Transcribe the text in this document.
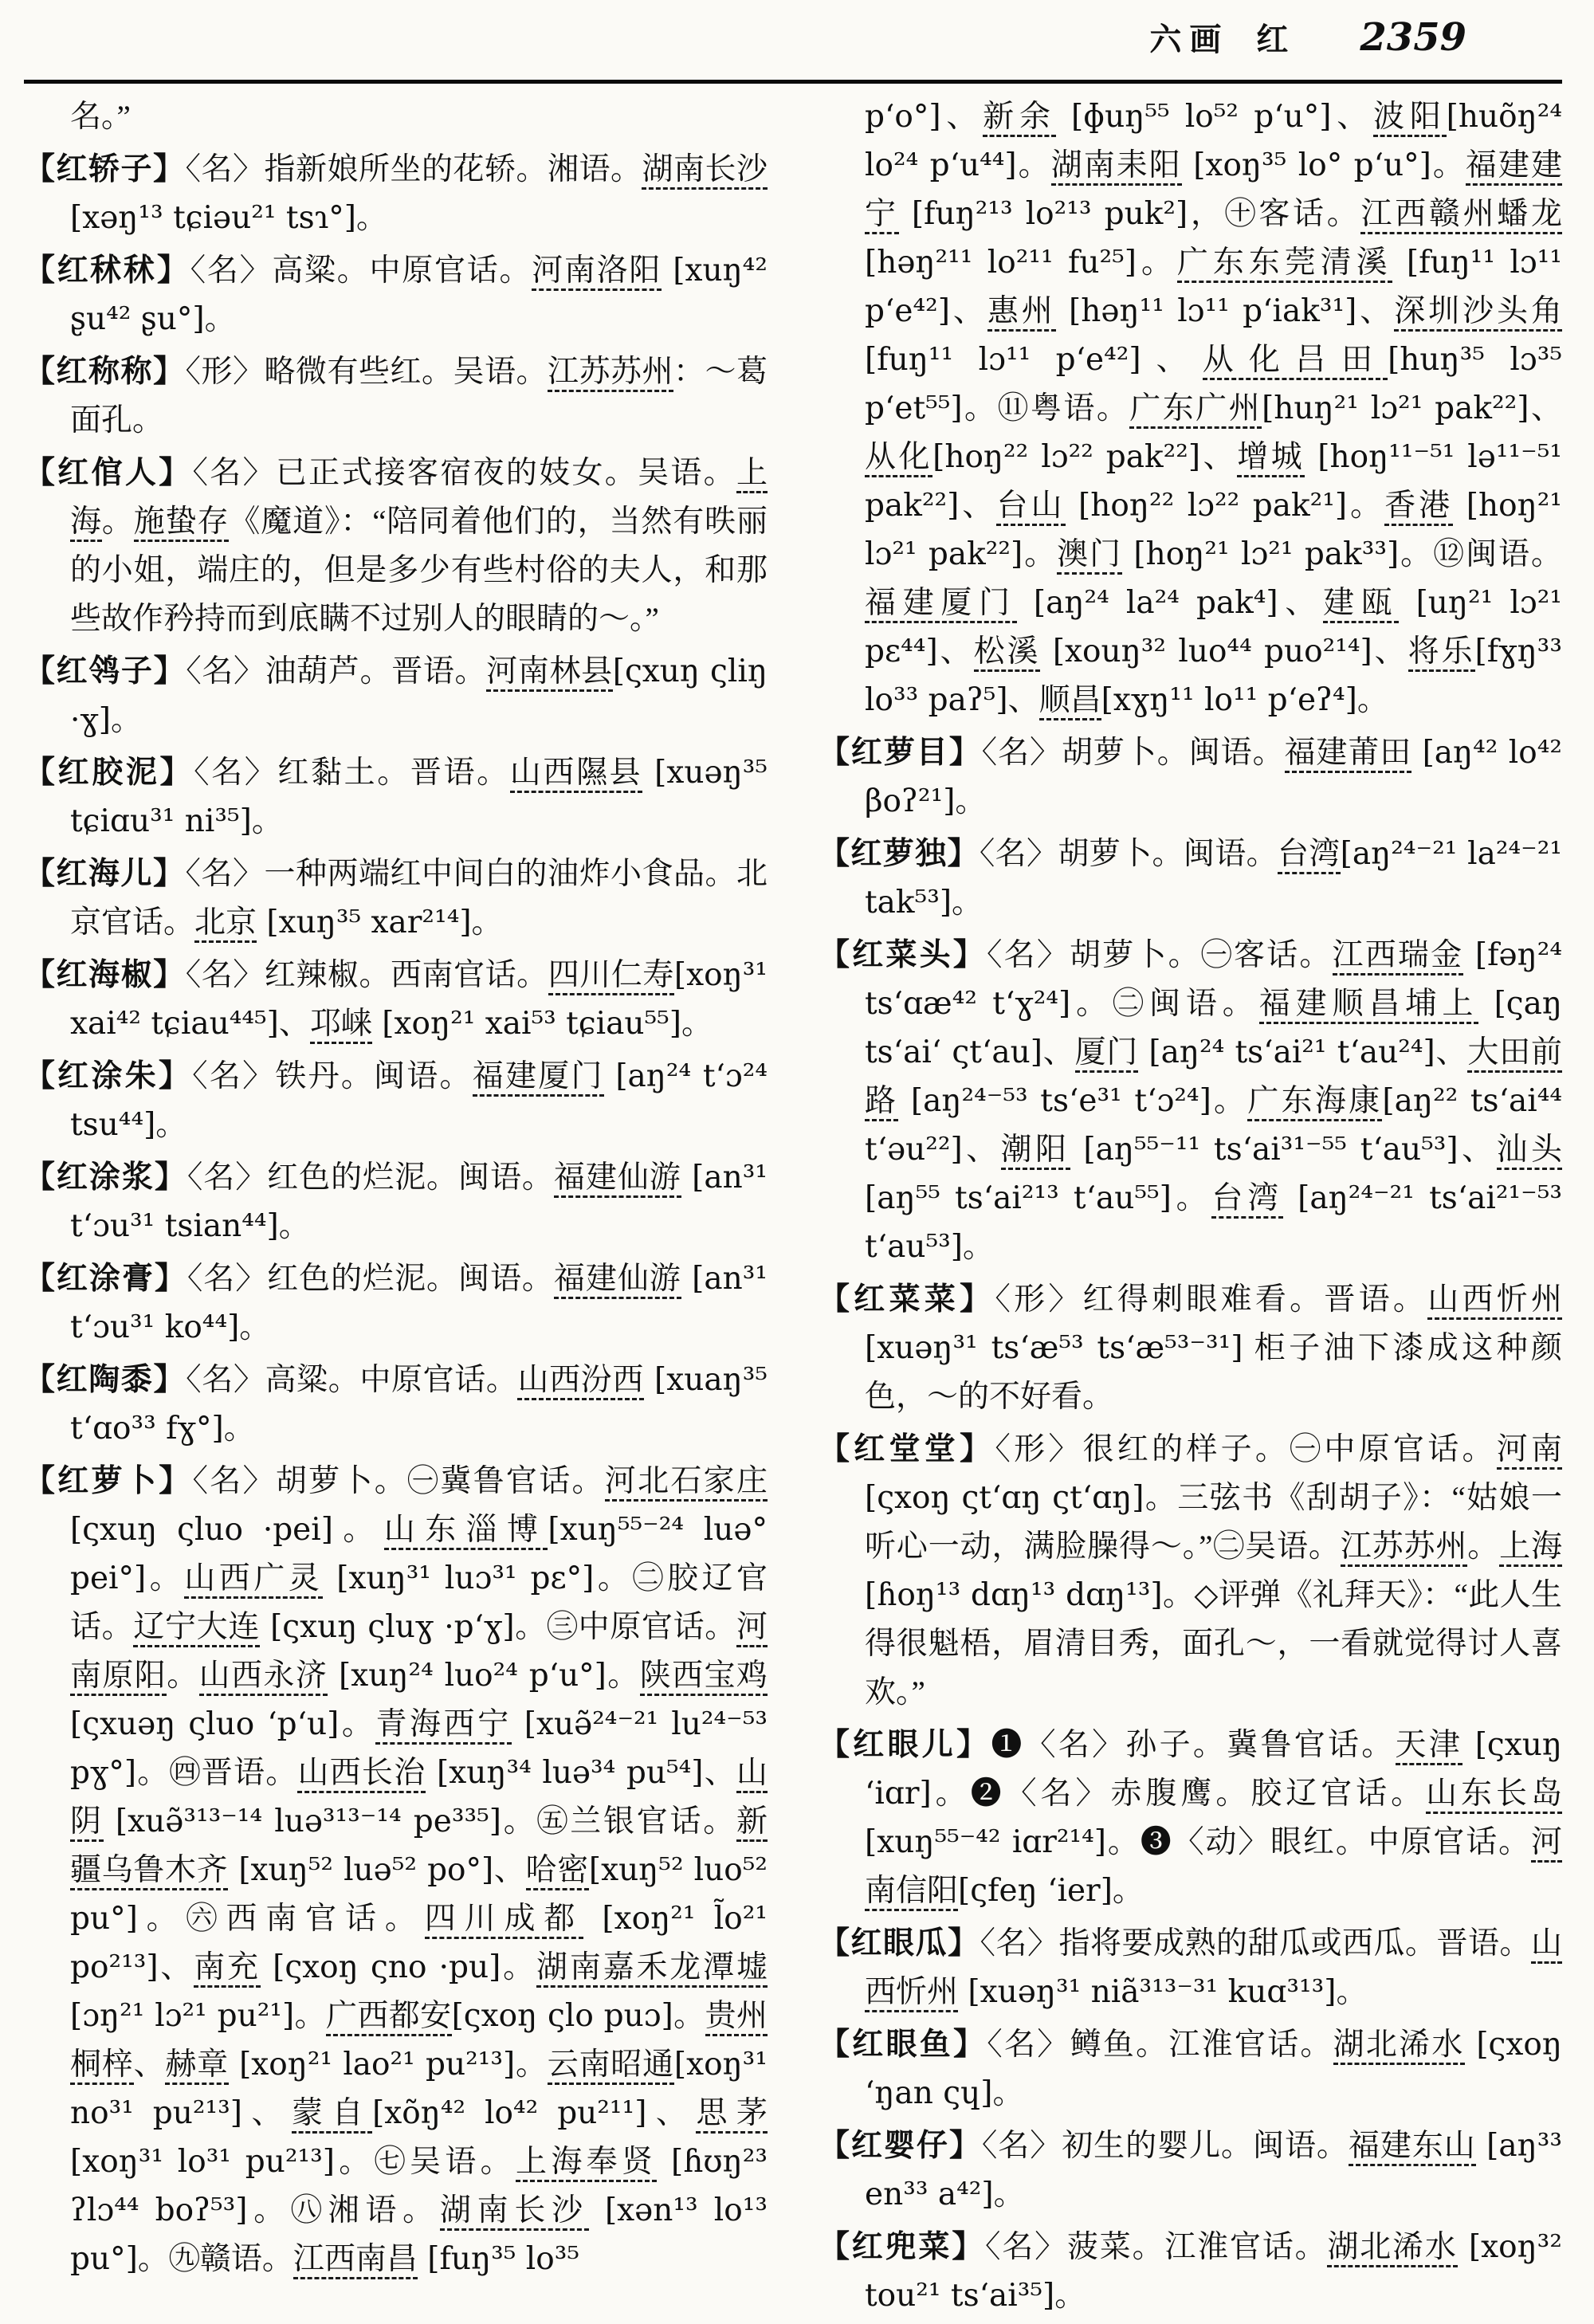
六画 红 2359

名。”

【红轿子】〈名〉指新娘所坐的花轿。湘语。湖南长沙 [xəŋ¹³ tɕiəu²¹ tsɿ°]。

【红秫秫】〈名〉高粱。中原官话。河南洛阳 [xuŋ⁴² ʂu⁴² ʂu°]。

【红称称】〈形〉略微有些红。吴语。江苏苏州：～葛面孔。

【红倌人】〈名〉已正式接客宿夜的妓女。吴语。上海。施蛰存《魔道》：“陪同着他们的，当然有昳丽的小姐，端庄的，但是多少有些村俗的夫人，和那些故作矜持而到底瞒不过别人的眼睛的～。”

【红鸰子】〈名〉油葫芦。晋语。河南林县[ςxuŋ ςliŋ ·ɣ]。

【红胶泥】〈名〉红黏土。晋语。山西隰县 [xuəŋ³⁵ tɕiɑu³¹ ni³⁵]。

【红海儿】〈名〉一种两端红中间白的油炸小食品。北京官话。北京 [xuŋ³⁵ xar²¹⁴]。

【红海椒】〈名〉红辣椒。西南官话。四川仁寿[xoŋ³¹ xai⁴² tɕiau⁴⁴⁵]、邛崃 [xoŋ²¹ xai⁵³ tɕiau⁵⁵]。

【红涂朱】〈名〉铁丹。闽语。福建厦门 [aŋ²⁴ t‘ɔ²⁴ tsu⁴⁴]。

【红涂浆】〈名〉红色的烂泥。闽语。福建仙游 [an³¹ t‘ɔu³¹ tsian⁴⁴]。

【红涂膏】〈名〉红色的烂泥。闽语。福建仙游 [an³¹ t‘ɔu³¹ ko⁴⁴]。

【红陶黍】〈名〉高粱。中原官话。山西汾西 [xuaŋ³⁵ t‘ɑo³³ fɣ°]。

【红萝卜】〈名〉胡萝卜。㊀冀鲁官话。河北石家庄[ςxuŋ ςluo ·pei]。山东淄博[xuŋ⁵⁵⁻²⁴ luə° pei°]。山西广灵 [xuŋ³¹ luɔ³¹ pɛ°]。㊁胶辽官话。辽宁大连 [ςxuŋ ςluɣ ·p‘ɣ]。㊂中原官话。河南原阳。山西永济 [xuŋ²⁴ luo²⁴ p‘u°]。陕西宝鸡[ςxuəŋ ςluo ʻp‘u]。青海西宁 [xuə̃²⁴⁻²¹ lu²⁴⁻⁵³ pɣ°]。㊃晋语。山西长治 [xuŋ³⁴ luə³⁴ pu⁵⁴]、山阴 [xuə̃³¹³⁻¹⁴ luə³¹³⁻¹⁴ pe³³⁵]。㊄兰银官话。新疆乌鲁木齐 [xuŋ⁵² luə⁵² po°]、哈密[xuŋ⁵² luo⁵² pu°]。㊅西南官话。四川成都 [xoŋ²¹ l̃o²¹ po²¹³]、南充 [ςxoŋ ςno ·pu]。湖南嘉禾龙潭墟[ɔŋ²¹ lɔ²¹ pu²¹]。广西都安[ςxoŋ ςlo puɔ]。贵州桐梓、赫章 [xoŋ²¹ lao²¹ pu²¹³]。云南昭通[xoŋ³¹ no³¹ pu²¹³]、蒙自[xõŋ⁴² lo⁴² pu²¹¹]、思茅 [xoŋ³¹ lo³¹ pu²¹³]。㊆吴语。上海奉贤 [ɦʊŋ²³ ʔlɔ⁴⁴ boʔ⁵³]。㊇湘语。湖南长沙 [xən¹³ lo¹³ pu°]。㊈赣语。江西南昌 [fuŋ³⁵ lo³⁵

p‘o°]、新余 [ɸuŋ⁵⁵ lo⁵² p‘u°]、波阳[huõŋ²⁴ lo²⁴ p‘u⁴⁴]。湖南耒阳 [xoŋ³⁵ lo° p‘u°]。福建建宁 [fuŋ²¹³ lo²¹³ puk²]，㊉客话。江西赣州蟠龙 [həŋ²¹¹ lo²¹¹ fu²⁵]。广东东莞清溪 [fuŋ¹¹ lɔ¹¹ p‘e⁴²]、惠州 [həŋ¹¹ lɔ¹¹ p‘iak³¹]、深圳沙头角[fuŋ¹¹ lɔ¹¹ p‘e⁴²]、从化吕田[huŋ³⁵ lɔ³⁵ p‘et⁵⁵]。⑪粤语。广东广州[huŋ²¹ lɔ²¹ pak²²]、从化[hoŋ²² lɔ²² pak²²]、增城 [hoŋ¹¹⁻⁵¹ lə¹¹⁻⁵¹ pak²²]、台山 [hoŋ²² lɔ²² pak²¹]。香港 [hoŋ²¹ lɔ²¹ pak²²]。澳门 [hoŋ²¹ lɔ²¹ pak³³]。⑫闽语。福建厦门 [aŋ²⁴ la²⁴ pak⁴]、建瓯 [uŋ²¹ lɔ²¹ pɛ⁴⁴]、松溪 [xouŋ³² luo⁴⁴ puo²¹⁴]、将乐[fɣŋ³³ lo³³ paʔ⁵]、顺昌[xɣŋ¹¹ lo¹¹ p‘eʔ⁴]。

【红萝目】〈名〉胡萝卜。闽语。福建莆田 [aŋ⁴² lo⁴² βoʔ²¹]。

【红萝独】〈名〉胡萝卜。闽语。台湾[aŋ²⁴⁻²¹ la²⁴⁻²¹ tak⁵³]。

【红菜头】〈名〉胡萝卜。㊀客话。江西瑞金 [fəŋ²⁴ ts‘ɑæ⁴² t‘ɣ²⁴]。㊁闽语。福建顺昌埔上 [ςaŋ ts‘ai‘ ςt‘au]、厦门 [aŋ²⁴ ts‘ai²¹ t‘au²⁴]、大田前路 [aŋ²⁴⁻⁵³ ts‘e³¹ t‘ɔ²⁴]。广东海康[aŋ²² ts‘ai⁴⁴ t‘əu²²]、潮阳 [aŋ⁵⁵⁻¹¹ ts‘ai³¹⁻⁵⁵ t‘au⁵³]、汕头[aŋ⁵⁵ ts‘ai²¹³ t‘au⁵⁵]。台湾 [aŋ²⁴⁻²¹ ts‘ai²¹⁻⁵³ t‘au⁵³]。

【红菜菜】〈形〉红得刺眼难看。晋语。山西忻州 [xuəŋ³¹ ts‘æ⁵³ ts‘æ⁵³⁻³¹] 柜子油下漆成这种颜色，～的不好看。

【红堂堂】〈形〉很红的样子。㊀中原官话。河南[ςxoŋ ςt‘ɑŋ ςt‘ɑŋ]。三弦书《刮胡子》：“姑娘一听心一动，满脸臊得～。”㊁吴语。江苏苏州。上海[ɦoŋ¹³ dɑŋ¹³ dɑŋ¹³]。◇评弹《礼拜天》：“此人生得很魁梧，眉清目秀，面孔～，一看就觉得讨人喜欢。”

【红眼儿】❶〈名〉孙子。冀鲁官话。天津 [ςxuŋ ʻiɑr]。❷〈名〉赤腹鹰。胶辽官话。山东长岛 [xuŋ⁵⁵⁻⁴² iɑr²¹⁴]。❸〈动〉眼红。中原官话。河南信阳[ςfeŋ ʻier]。

【红眼瓜】〈名〉指将要成熟的甜瓜或西瓜。晋语。山西忻州 [xuəŋ³¹ niã³¹³⁻³¹ kuɑ³¹³]。

【红眼鱼】〈名〉鳟鱼。江淮官话。湖北浠水 [ςxoŋ ʻŋan ςɥ]。

【红婴仔】〈名〉初生的婴儿。闽语。福建东山 [aŋ³³ en³³ a⁴²]。

【红兜菜】〈名〉菠菜。江淮官话。湖北浠水 [xoŋ³² tou²¹ ts‘ai³⁵]。
